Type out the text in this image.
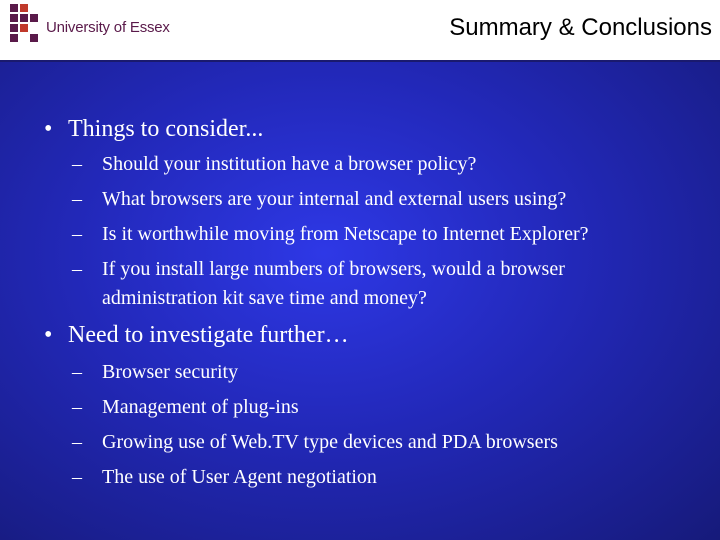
University of Essex	Summary & Conclusions
• Things to consider...
– Should your institution have a browser policy?
– What browsers are your internal and external users using?
– Is it worthwhile moving from Netscape to Internet Explorer?
– If you install large numbers of browsers, would a browser
administration kit save time and money?
• Need to investigate further…
– Browser security
– Management of plug-ins
– Growing use of Web.TV type devices and PDA browsers
– The use of User Agent negotiation
